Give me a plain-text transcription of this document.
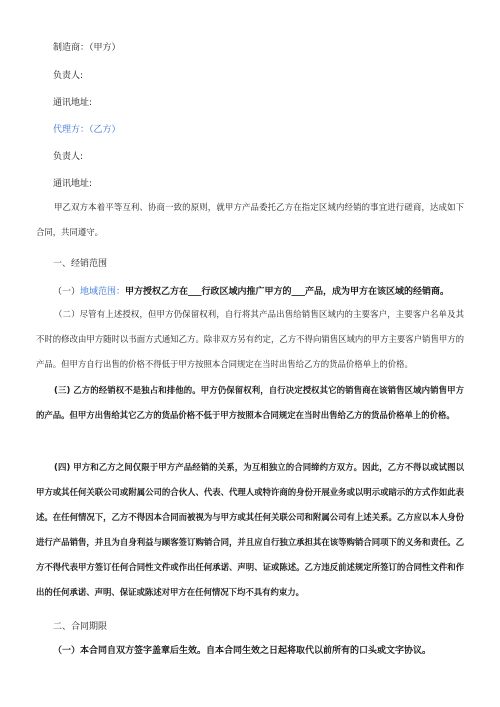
制造商：（甲方）
负责人:
通讯地址:
代理方：（乙方）
负责人:
通讯地址:
甲乙双方本着平等互利、协商一致的原则，就甲方产品委托乙方在指定区域内经销的事宜进行磋商，达成如下合同，共同遵守。
一、经销范围
（一）地域范围：甲方授权乙方在___行政区域内推广甲方的___产品，成为甲方在该区域的经销商。
（二）尽管有上述授权，但甲方仍保留权利，自行将其产品出售给销售区域内的主要客户，主要客户名单及其不时的修改由甲方随时以书面方式通知乙方。除非双方另有约定，乙方不得向销售区域内的甲方主要客户销售甲方的产品。但甲方自行出售的价格不得低于甲方按照本合同规定在当时出售给乙方的货品价格单上的价格。
(三) 乙方的经销权不是独占和排他的。甲方仍保留权利，自行决定授权其它的销售商在该销售区域内销售甲方的产品。但甲方出售给其它乙方的货品价格不低于甲方按照本合同规定在当时出售给乙方的货品价格单上的价格。
(四) 甲方和乙方之间仅限于甲方产品经销的关系，为互相独立的合同缔约方双方。因此，乙方不得以或试图以甲方或其任何关联公司或附属公司的合伙人、代表、代理人或特许商的身份开展业务或以明示或暗示的方式作如此表述。在任何情况下，乙方不得因本合同而被视为与甲方或其任何关联公司和附属公司有上述关系。乙方应以本人身份进行产品销售，并且为自身利益与顾客签订购销合同，并且应自行独立承担其在该等购销合同项下的义务和责任。乙方不得代表甲方签订任何合同性文件或作出任何承诺、声明、证或陈述。乙方违反前述规定所签订的合同性文件和作出的任何承诺、声明、保证或陈述对甲方在任何情况下均不具有约束力。
二、合同期限
（一）本合同自双方签字盖章后生效。自本合同生效之日起将取代以前所有的口头或文字协议。
